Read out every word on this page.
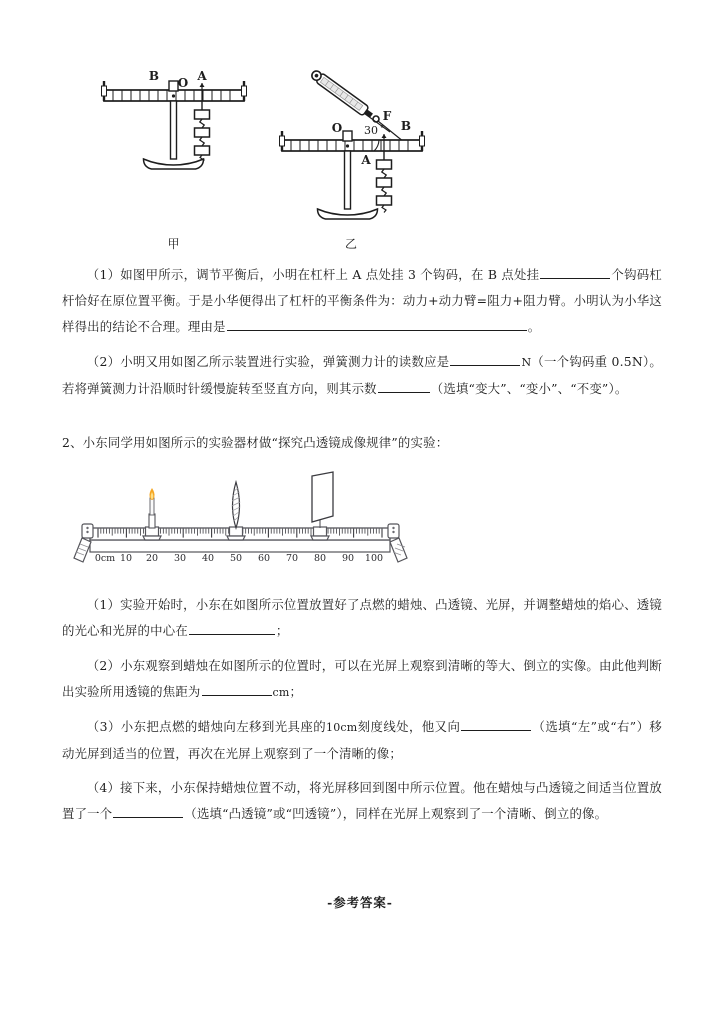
B O A
甲
F
30 °
O
A
B
乙
（1）如图甲所示，调节平衡后，小明在杠杆上 A 点处挂 3 个钩码，在 B 点处挂	个钩码杠杆恰好在原位置平衡。于是小华便得出了杠杆的平衡条件为：动力+动力臂=阻力+阻力臂。小明认为小华这样得出的结论不合理。理由是	。
（2）小明又用如图乙所示装置进行实验，弹簧测力计的读数应是	N（一个钩码重 0.5N）。若将弹簧测力计沿顺时针缓慢旋转至竖直方向，则其示数	（选填“变大”、“变小”、“不变”）。
2、小东同学用如图所示的实验器材做“探究凸透镜成像规律”的实验：
0cm 10 20 30 40 50 60 70 80 90 100
（1）实验开始时，小东在如图所示位置放置好了点燃的蜡烛、凸透镜、光屏，并调整蜡烛的焰心、透镜的光心和光屏的中心在	；
（2）小东观察到蜡烛在如图所示的位置时，可以在光屏上观察到清晰的等大、倒立的实像。由此他判断出实验所用透镜的焦距为	cm；
（3）小东把点燃的蜡烛向左移到光具座的10cm刻度线处，他又向	（选填“左”或“右”）移动光屏到适当的位置，再次在光屏上观察到了一个清晰的像；
（4）接下来，小东保持蜡烛位置不动，将光屏移回到图中所示位置。他在蜡烛与凸透镜之间适当位置放置了一个	（选填“凸透镜”或“凹透镜”），同样在光屏上观察到了一个清晰、倒立的像。
-参考答案-
